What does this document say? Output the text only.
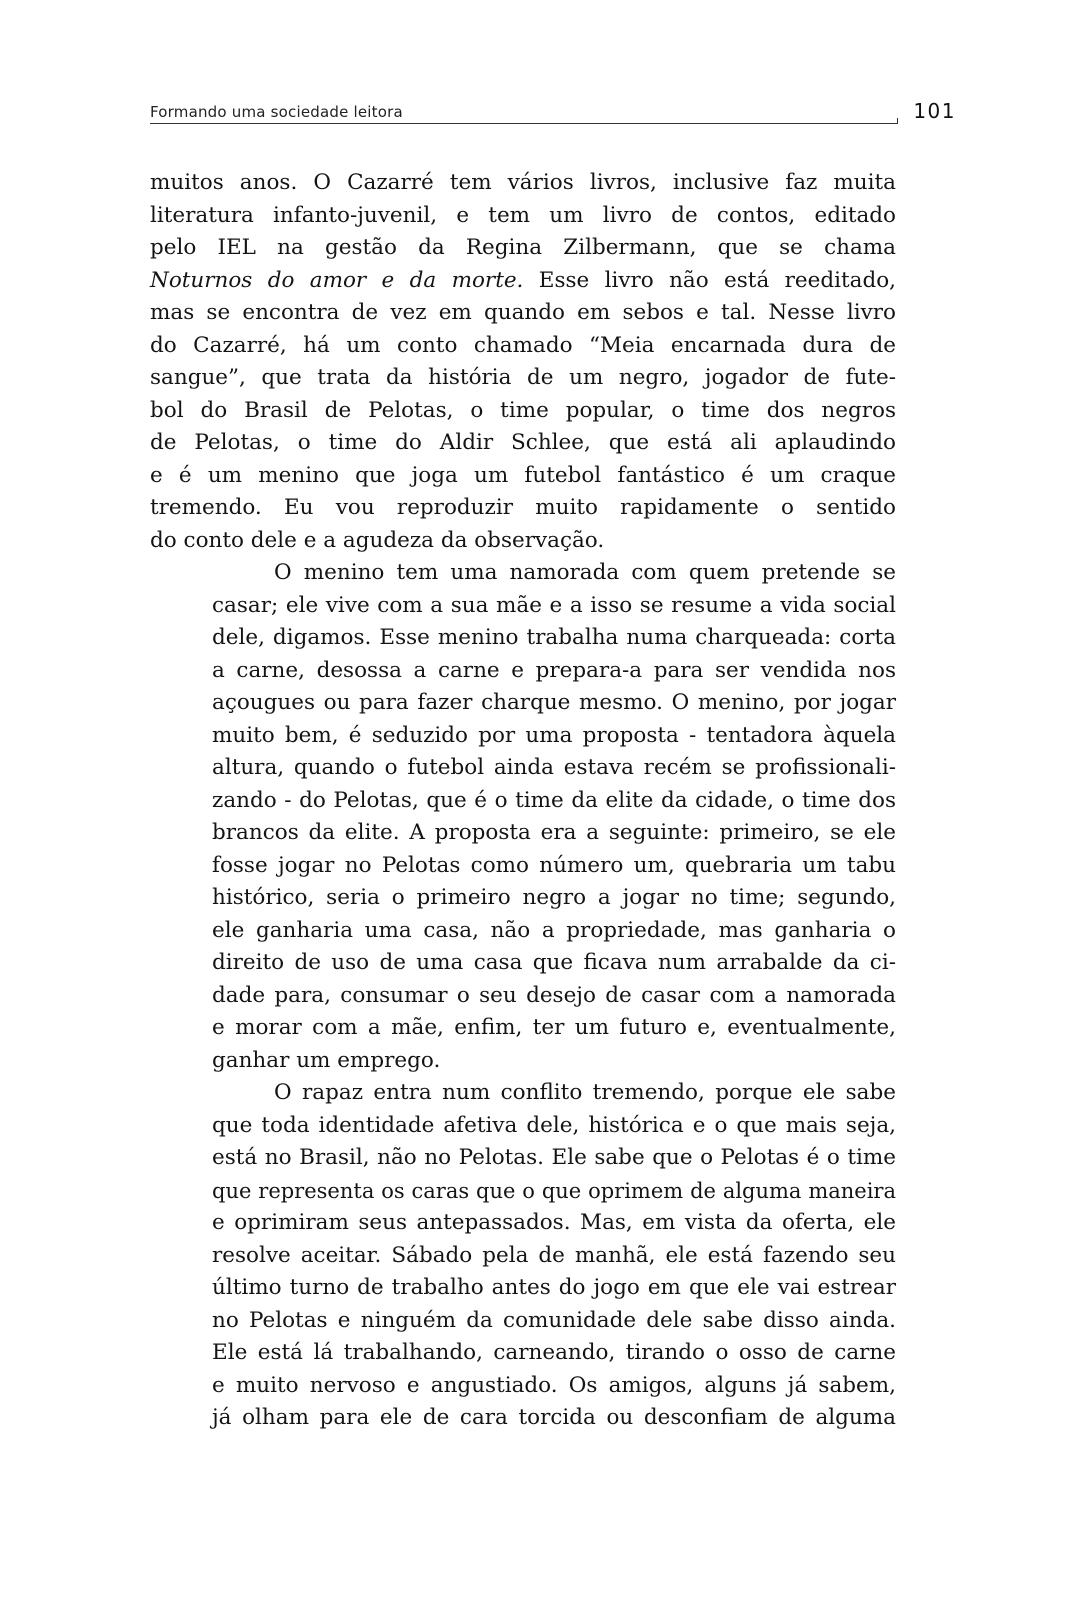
Formando uma sociedade leitora	101

muitos anos. O Cazarré tem vários livros, inclusive faz muita
literatura infanto-juvenil, e tem um livro de contos, editado
pelo IEL na gestão da Regina Zilbermann, que se chama
Noturnos do amor e da morte. Esse livro não está reeditado,
mas se encontra de vez em quando em sebos e tal. Nesse livro
do Cazarré, há um conto chamado “Meia encarnada dura de
sangue”, que trata da história de um negro, jogador de fute-
bol do Brasil de Pelotas, o time popular, o time dos negros
de Pelotas, o time do Aldir Schlee, que está ali aplaudindo
e é um menino que joga um futebol fantástico é um craque
tremendo. Eu vou reproduzir muito rapidamente o sentido
do conto dele e a agudeza da observação.

O menino tem uma namorada com quem pretende se
casar; ele vive com a sua mãe e a isso se resume a vida social
dele, digamos. Esse menino trabalha numa charqueada: corta
a carne, desossa a carne e prepara-a para ser vendida nos
açougues ou para fazer charque mesmo. O menino, por jogar
muito bem, é seduzido por uma proposta - tentadora àquela
altura, quando o futebol ainda estava recém se profissionali-
zando - do Pelotas, que é o time da elite da cidade, o time dos
brancos da elite. A proposta era a seguinte: primeiro, se ele
fosse jogar no Pelotas como número um, quebraria um tabu
histórico, seria o primeiro negro a jogar no time; segundo,
ele ganharia uma casa, não a propriedade, mas ganharia o
direito de uso de uma casa que ficava num arrabalde da ci-
dade para, consumar o seu desejo de casar com a namorada
e morar com a mãe, enfim, ter um futuro e, eventualmente,
ganhar um emprego.

O rapaz entra num conflito tremendo, porque ele sabe
que toda identidade afetiva dele, histórica e o que mais seja,
está no Brasil, não no Pelotas. Ele sabe que o Pelotas é o time
que representa os caras que o que oprimem de alguma maneira
e oprimiram seus antepassados. Mas, em vista da oferta, ele
resolve aceitar. Sábado pela de manhã, ele está fazendo seu
último turno de trabalho antes do jogo em que ele vai estrear
no Pelotas e ninguém da comunidade dele sabe disso ainda.
Ele está lá trabalhando, carneando, tirando o osso de carne
e muito nervoso e angustiado. Os amigos, alguns já sabem,
já olham para ele de cara torcida ou desconfiam de alguma
